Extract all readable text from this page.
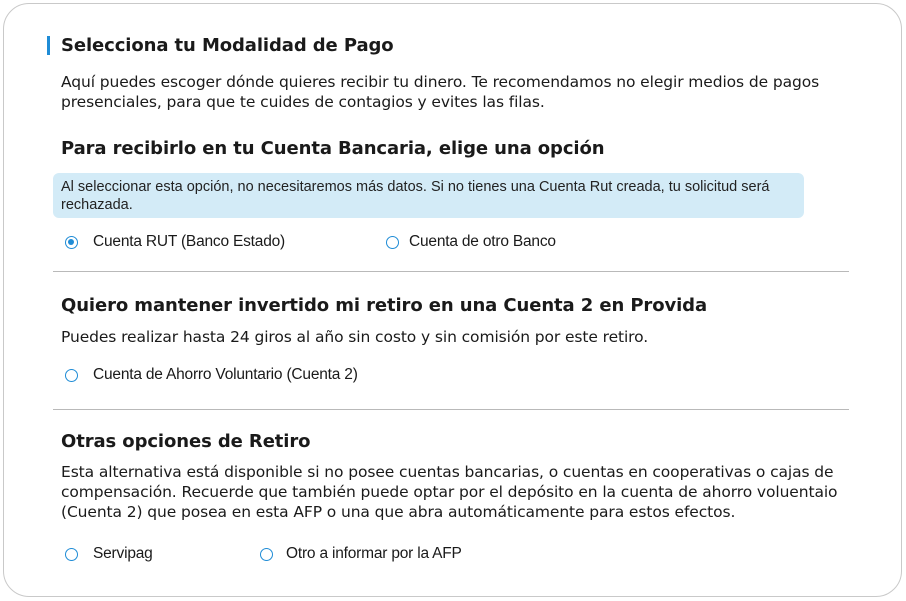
Selecciona tu Modalidad de Pago
Aquí puedes escoger dónde quieres recibir tu dinero. Te recomendamos no elegir medios de pagos presenciales, para que te cuides de contagios y evites las filas.
Para recibirlo en tu Cuenta Bancaria, elige una opción
Al seleccionar esta opción, no necesitaremos más datos. Si no tienes una Cuenta Rut creada, tu solicitud será rechazada.
Cuenta RUT (Banco Estado)	Cuenta de otro Banco
Quiero mantener invertido mi retiro en una Cuenta 2 en Provida
Puedes realizar hasta 24 giros al año sin costo y sin comisión por este retiro.
Cuenta de Ahorro Voluntario (Cuenta 2)
Otras opciones de Retiro
Esta alternativa está disponible si no posee cuentas bancarias, o cuentas en cooperativas o cajas de compensación. Recuerde que también puede optar por el depósito en la cuenta de ahorro voluentaio (Cuenta 2) que posea en esta AFP o una que abra automáticamente para estos efectos.
Servipag	Otro a informar por la AFP
